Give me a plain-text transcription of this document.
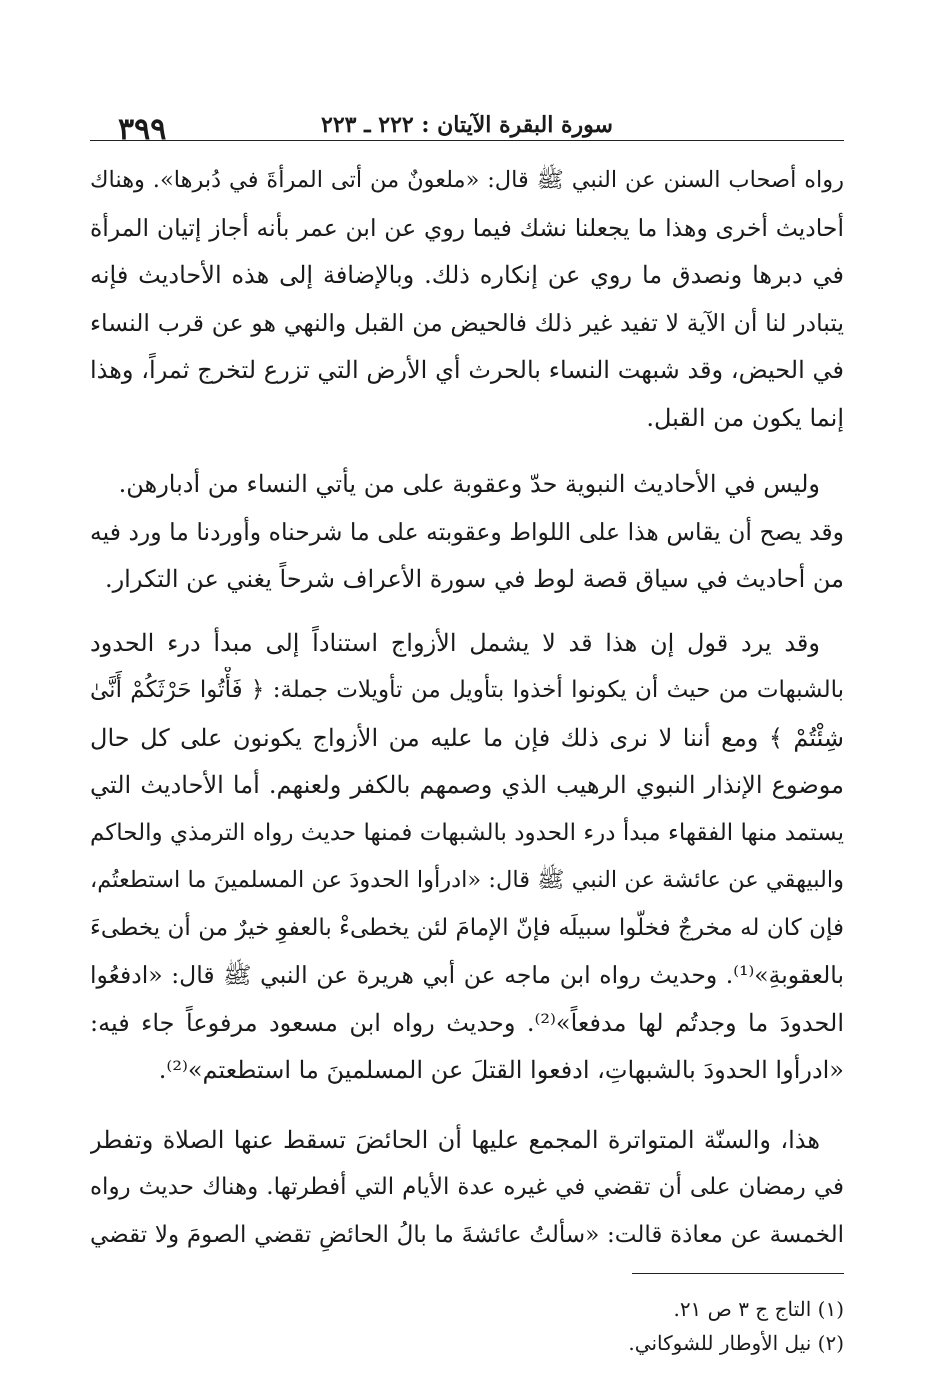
سورة البقرة الآيتان : ٢٢٢ ـ ٢٢٣
٣٩٩
رواه أصحاب السنن عن النبي ﷺ قال: «ملعونٌ من أتى المرأةَ في دُبرها». وهناك
أحاديث أخرى وهذا ما يجعلنا نشك فيما روي عن ابن عمر بأنه أجاز إتيان المرأة
في دبرها ونصدق ما روي عن إنكاره ذلك. وبالإضافة إلى هذه الأحاديث فإنه
يتبادر لنا أن الآية لا تفيد غير ذلك فالحيض من القبل والنهي هو عن قرب النساء
في الحيض، وقد شبهت النساء بالحرث أي الأرض التي تزرع لتخرج ثمراً، وهذا
إنما يكون من القبل.
وليس في الأحاديث النبوية حدّ وعقوبة على من يأتي النساء من أدبارهن.
وقد يصح أن يقاس هذا على اللواط وعقوبته على ما شرحناه وأوردنا ما ورد فيه
من أحاديث في سياق قصة لوط في سورة الأعراف شرحاً يغني عن التكرار.
وقد يرد قول إن هذا قد لا يشمل الأزواج استناداً إلى مبدأ درء الحدود
بالشبهات من حيث أن يكونوا أخذوا بتأويل من تأويلات جملة: ﴿ فَأْتُوا حَرْثَكُمْ أَنَّىٰ
شِئْتُمْ ﴾ ومع أننا لا نرى ذلك فإن ما عليه من الأزواج يكونون على كل حال
موضوع الإنذار النبوي الرهيب الذي وصمهم بالكفر ولعنهم. أما الأحاديث التي
يستمد منها الفقهاء مبدأ درء الحدود بالشبهات فمنها حديث رواه الترمذي والحاكم
والبيهقي عن عائشة عن النبي ﷺ قال: «ادرأوا الحدودَ عن المسلمينَ ما استطعتُم،
فإن كان له مخرجٌ فخلّوا سبيلَه فإنّ الإمامَ لئن يخطىءْ بالعفوِ خيرٌ من أن يخطىءَ
بالعقوبةِ»⁽¹⁾. وحديث رواه ابن ماجه عن أبي هريرة عن النبي ﷺ قال: «ادفعُوا
الحدودَ ما وجدتُم لها مدفعاً»⁽²⁾. وحديث رواه ابن مسعود مرفوعاً جاء فيه:
«ادرأوا الحدودَ بالشبهاتِ، ادفعوا القتلَ عن المسلمينَ ما استطعتم»⁽²⁾.
هذا، والسنّة المتواترة المجمع عليها أن الحائضَ تسقط عنها الصلاة وتفطر
في رمضان على أن تقضي في غيره عدة الأيام التي أفطرتها. وهناك حديث رواه
الخمسة عن معاذة قالت: «سألتُ عائشةَ ما بالُ الحائضِ تقضي الصومَ ولا تقضي
(١) التاج ج ٣ ص ٢١.
(٢) نيل الأوطار للشوكاني.
